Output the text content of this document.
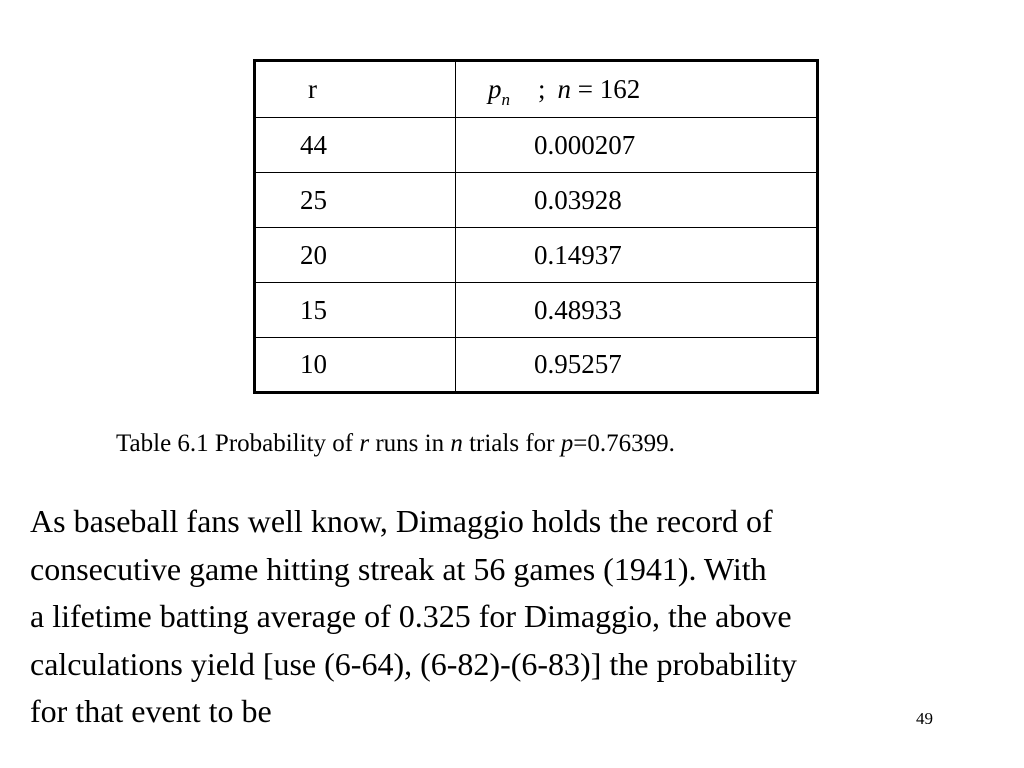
r	$p_n$ ; n = 162
44	0.000207
25	0.03928
20	0.14937
15	0.48933
10	0.95257

Table 6.1 Probability of r runs in n trials for p=0.76399.

As baseball fans well know, Dimaggio holds the record of
consecutive game hitting streak at 56 games (1941). With
a lifetime batting average of 0.325 for Dimaggio, the above
calculations yield [use (6-64), (6-82)-(6-83)] the probability
for that event to be	49
